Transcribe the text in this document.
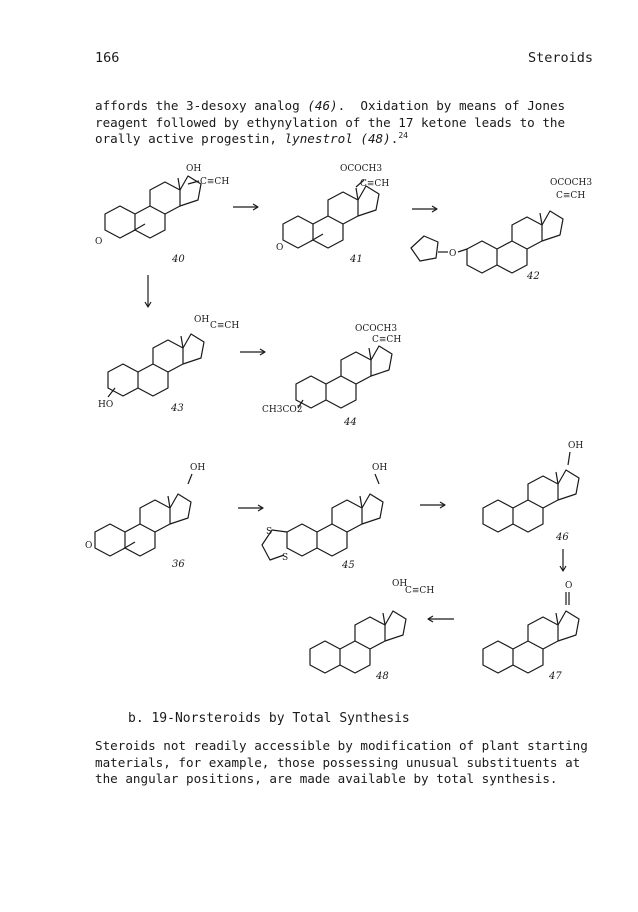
166	Steroids
affords the 3-desoxy analog (46).  Oxidation by means of Jones
reagent followed by ethynylation of the 17 ketone leads to the
orally active progestin, lynestrol (48).$^{24}$
O
OH
C≡CH
40
O
OCOCH3
C≡CH
41	O
OCOCH3
C≡CH
42
HO
OH
C≡CH
43	CH3CO2
OCOCH3
C≡CH
44
O
OH
36
S
S
OH
45
OH
46
O
47
OH
C≡CH
48
b. 19-Norsteroids by Total Synthesis
Steroids not readily accessible by modification of plant starting
materials, for example, those possessing unusual substituents at
the angular positions, are made available by total synthesis.
